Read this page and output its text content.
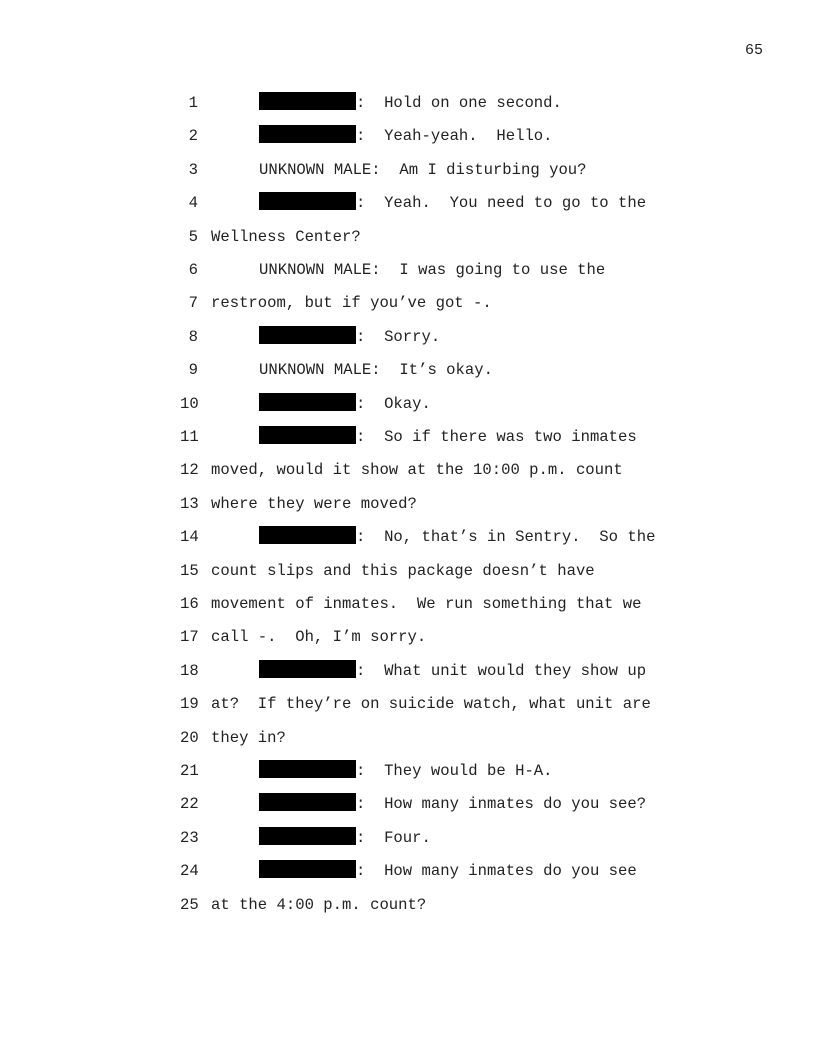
65
1	:  Hold on one second.
2	:  Yeah-yeah.  Hello.
3	UNKNOWN MALE:  Am I disturbing you?
4	:  Yeah.  You need to go to the
5 Wellness Center?
6	UNKNOWN MALE:  I was going to use the
7 restroom, but if you’ve got -.
8	:  Sorry.
9	UNKNOWN MALE:  It’s okay.
10	:  Okay.
11	:  So if there was two inmates
12 moved, would it show at the 10:00 p.m. count
13 where they were moved?
14	:  No, that’s in Sentry.  So the
15 count slips and this package doesn’t have
16 movement of inmates.  We run something that we
17 call -.  Oh, I’m sorry.
18	:  What unit would they show up
19 at?  If they’re on suicide watch, what unit are
20 they in?
21	:  They would be H-A.
22	:  How many inmates do you see?
23	:  Four.
24	:  How many inmates do you see
25 at the 4:00 p.m. count?
